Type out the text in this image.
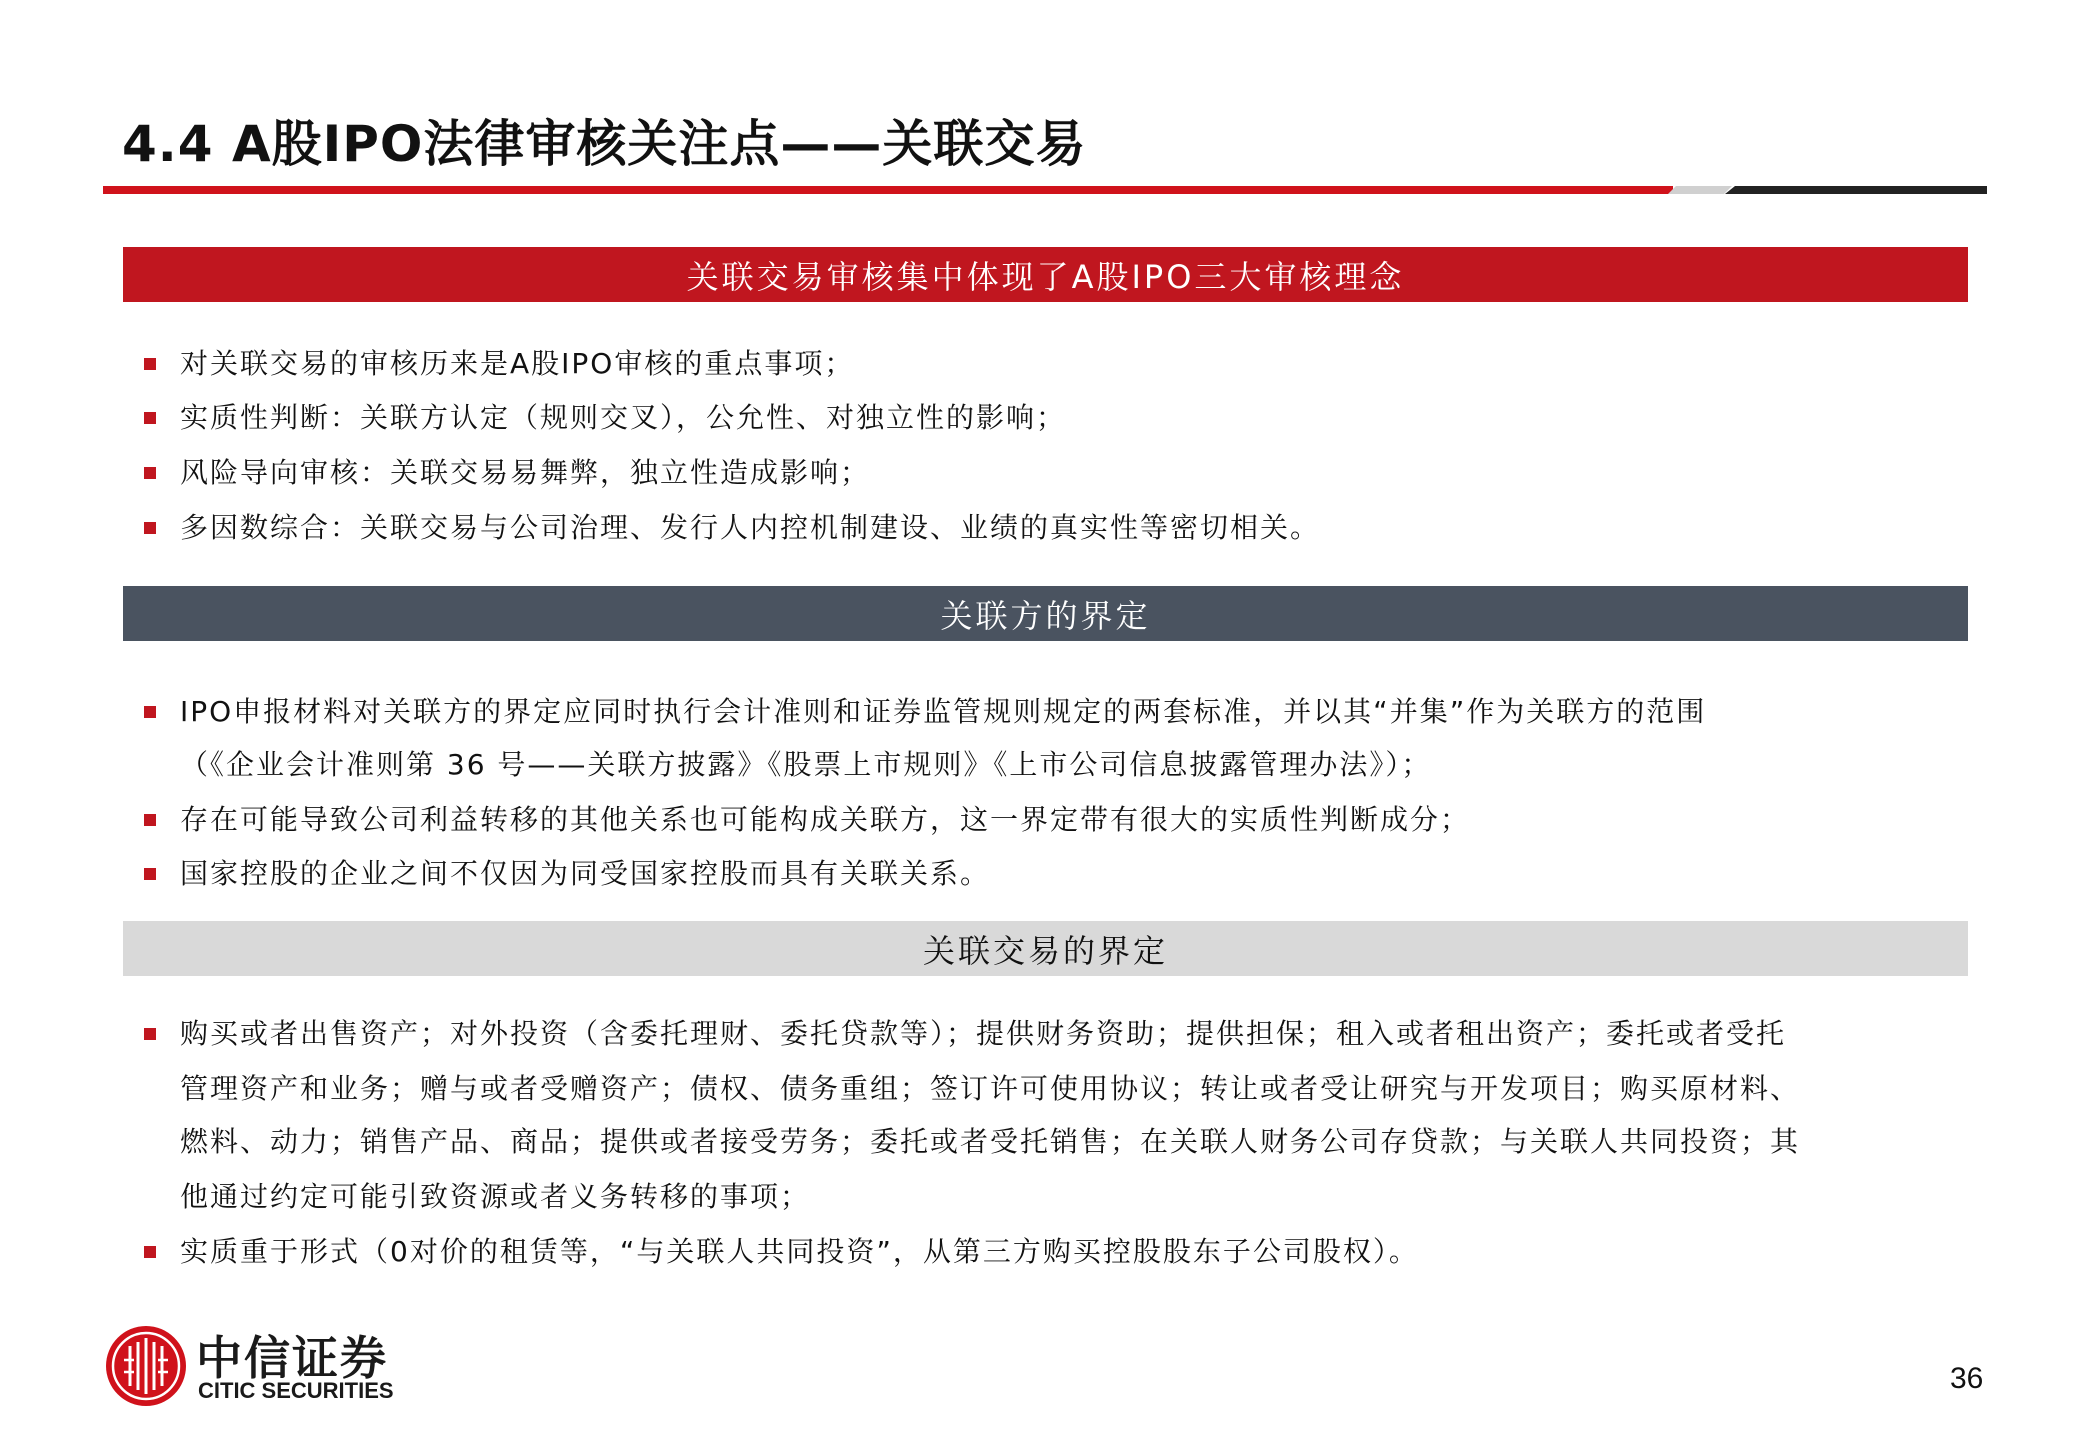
4.4 A股IPO法律审核关注点——关联交易
关联交易审核集中体现了A股IPO三大审核理念
对关联交易的审核历来是A股IPO审核的重点事项；
实质性判断：关联方认定（规则交叉），公允性、对独立性的影响；
风险导向审核：关联交易易舞弊，独立性造成影响；
多因数综合：关联交易与公司治理、发行人内控机制建设、业绩的真实性等密切相关。
关联方的界定
IPO申报材料对关联方的界定应同时执行会计准则和证券监管规则规定的两套标准，并以其“并集”作为关联方的范围
（《企业会计准则第 36 号——关联方披露》《股票上市规则》《上市公司信息披露管理办法》）；
存在可能导致公司利益转移的其他关系也可能构成关联方，这一界定带有很大的实质性判断成分；
国家控股的企业之间不仅因为同受国家控股而具有关联关系。
关联交易的界定
购买或者出售资产；对外投资（含委托理财、委托贷款等）；提供财务资助；提供担保；租入或者租出资产；委托或者受托
管理资产和业务；赠与或者受赠资产；债权、债务重组；签订许可使用协议；转让或者受让研究与开发项目；购买原材料、
燃料、动力；销售产品、商品；提供或者接受劳务；委托或者受托销售；在关联人财务公司存贷款；与关联人共同投资；其
他通过约定可能引致资源或者义务转移的事项；
实质重于形式（0对价的租赁等，“与关联人共同投资”，从第三方购买控股股东子公司股权）。
中信证券
CITIC SECURITIES	36
